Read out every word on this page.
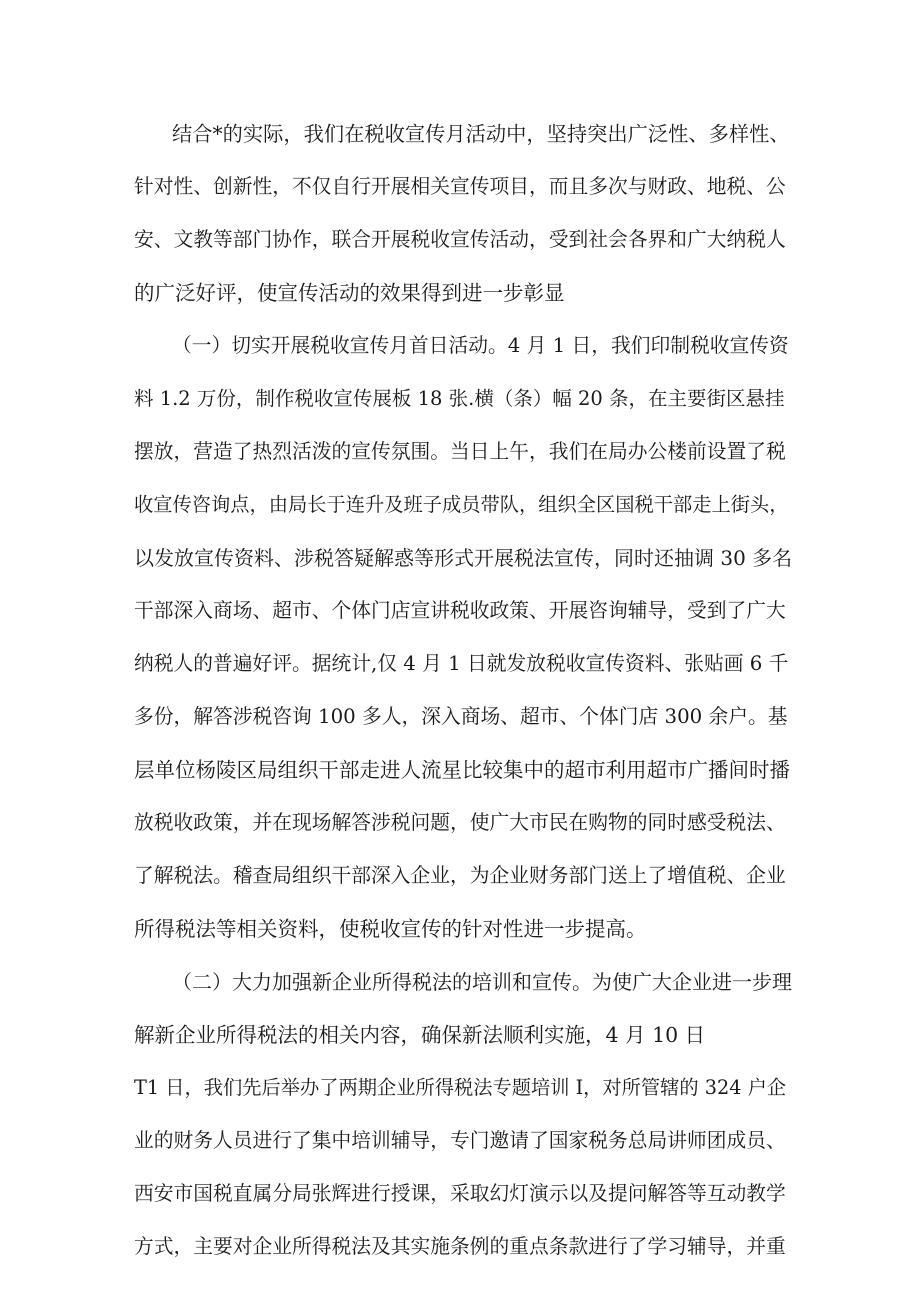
结合*的实际，我们在税收宣传月活动中，坚持突出广泛性、多样性、
针对性、创新性，不仅自行开展相关宣传项目，而且多次与财政、地税、公
安、文教等部门协作，联合开展税收宣传活动，受到社会各界和广大纳税人
的广泛好评，使宣传活动的效果得到进一步彰显
（一）切实开展税收宣传月首日活动。4 月 1 日，我们印制税收宣传资
料 1.2 万份，制作税收宣传展板 18 张.横（条）幅 20 条，在主要街区悬挂
摆放，营造了热烈活泼的宣传氛围。当日上午，我们在局办公楼前设置了税
收宣传咨询点，由局长于连升及班子成员带队，组织全区国税干部走上街头，
以发放宣传资料、涉税答疑解惑等形式开展税法宣传，同时还抽调 30 多名
干部深入商场、超市、个体门店宣讲税收政策、开展咨询辅导，受到了广大
纳税人的普遍好评。据统计,仅 4 月 1 日就发放税收宣传资料、张贴画 6 千
多份，解答涉税咨询 100 多人，深入商场、超市、个体门店 300 余户。基
层单位杨陵区局组织干部走进人流星比较集中的超市利用超市广播间时播
放税收政策，并在现场解答涉税问题，使广大市民在购物的同时感受税法、
了解税法。稽查局组织干部深入企业，为企业财务部门送上了增值税、企业
所得税法等相关资料，使税收宣传的针对性进一步提高。
（二）大力加强新企业所得税法的培训和宣传。为使广大企业进一步理
解新企业所得税法的相关内容，确保新法顺利实施，4 月 10 日
T1 日，我们先后举办了两期企业所得税法专题培训 I，对所管辖的 324 户企
业的财务人员进行了集中培训辅导，专门邀请了国家税务总局讲师团成员、
西安市国税直属分局张辉进行授课，采取幻灯演示以及提问解答等互动教学
方式，主要对企业所得税法及其实施条例的重点条款进行了学习辅导，并重
